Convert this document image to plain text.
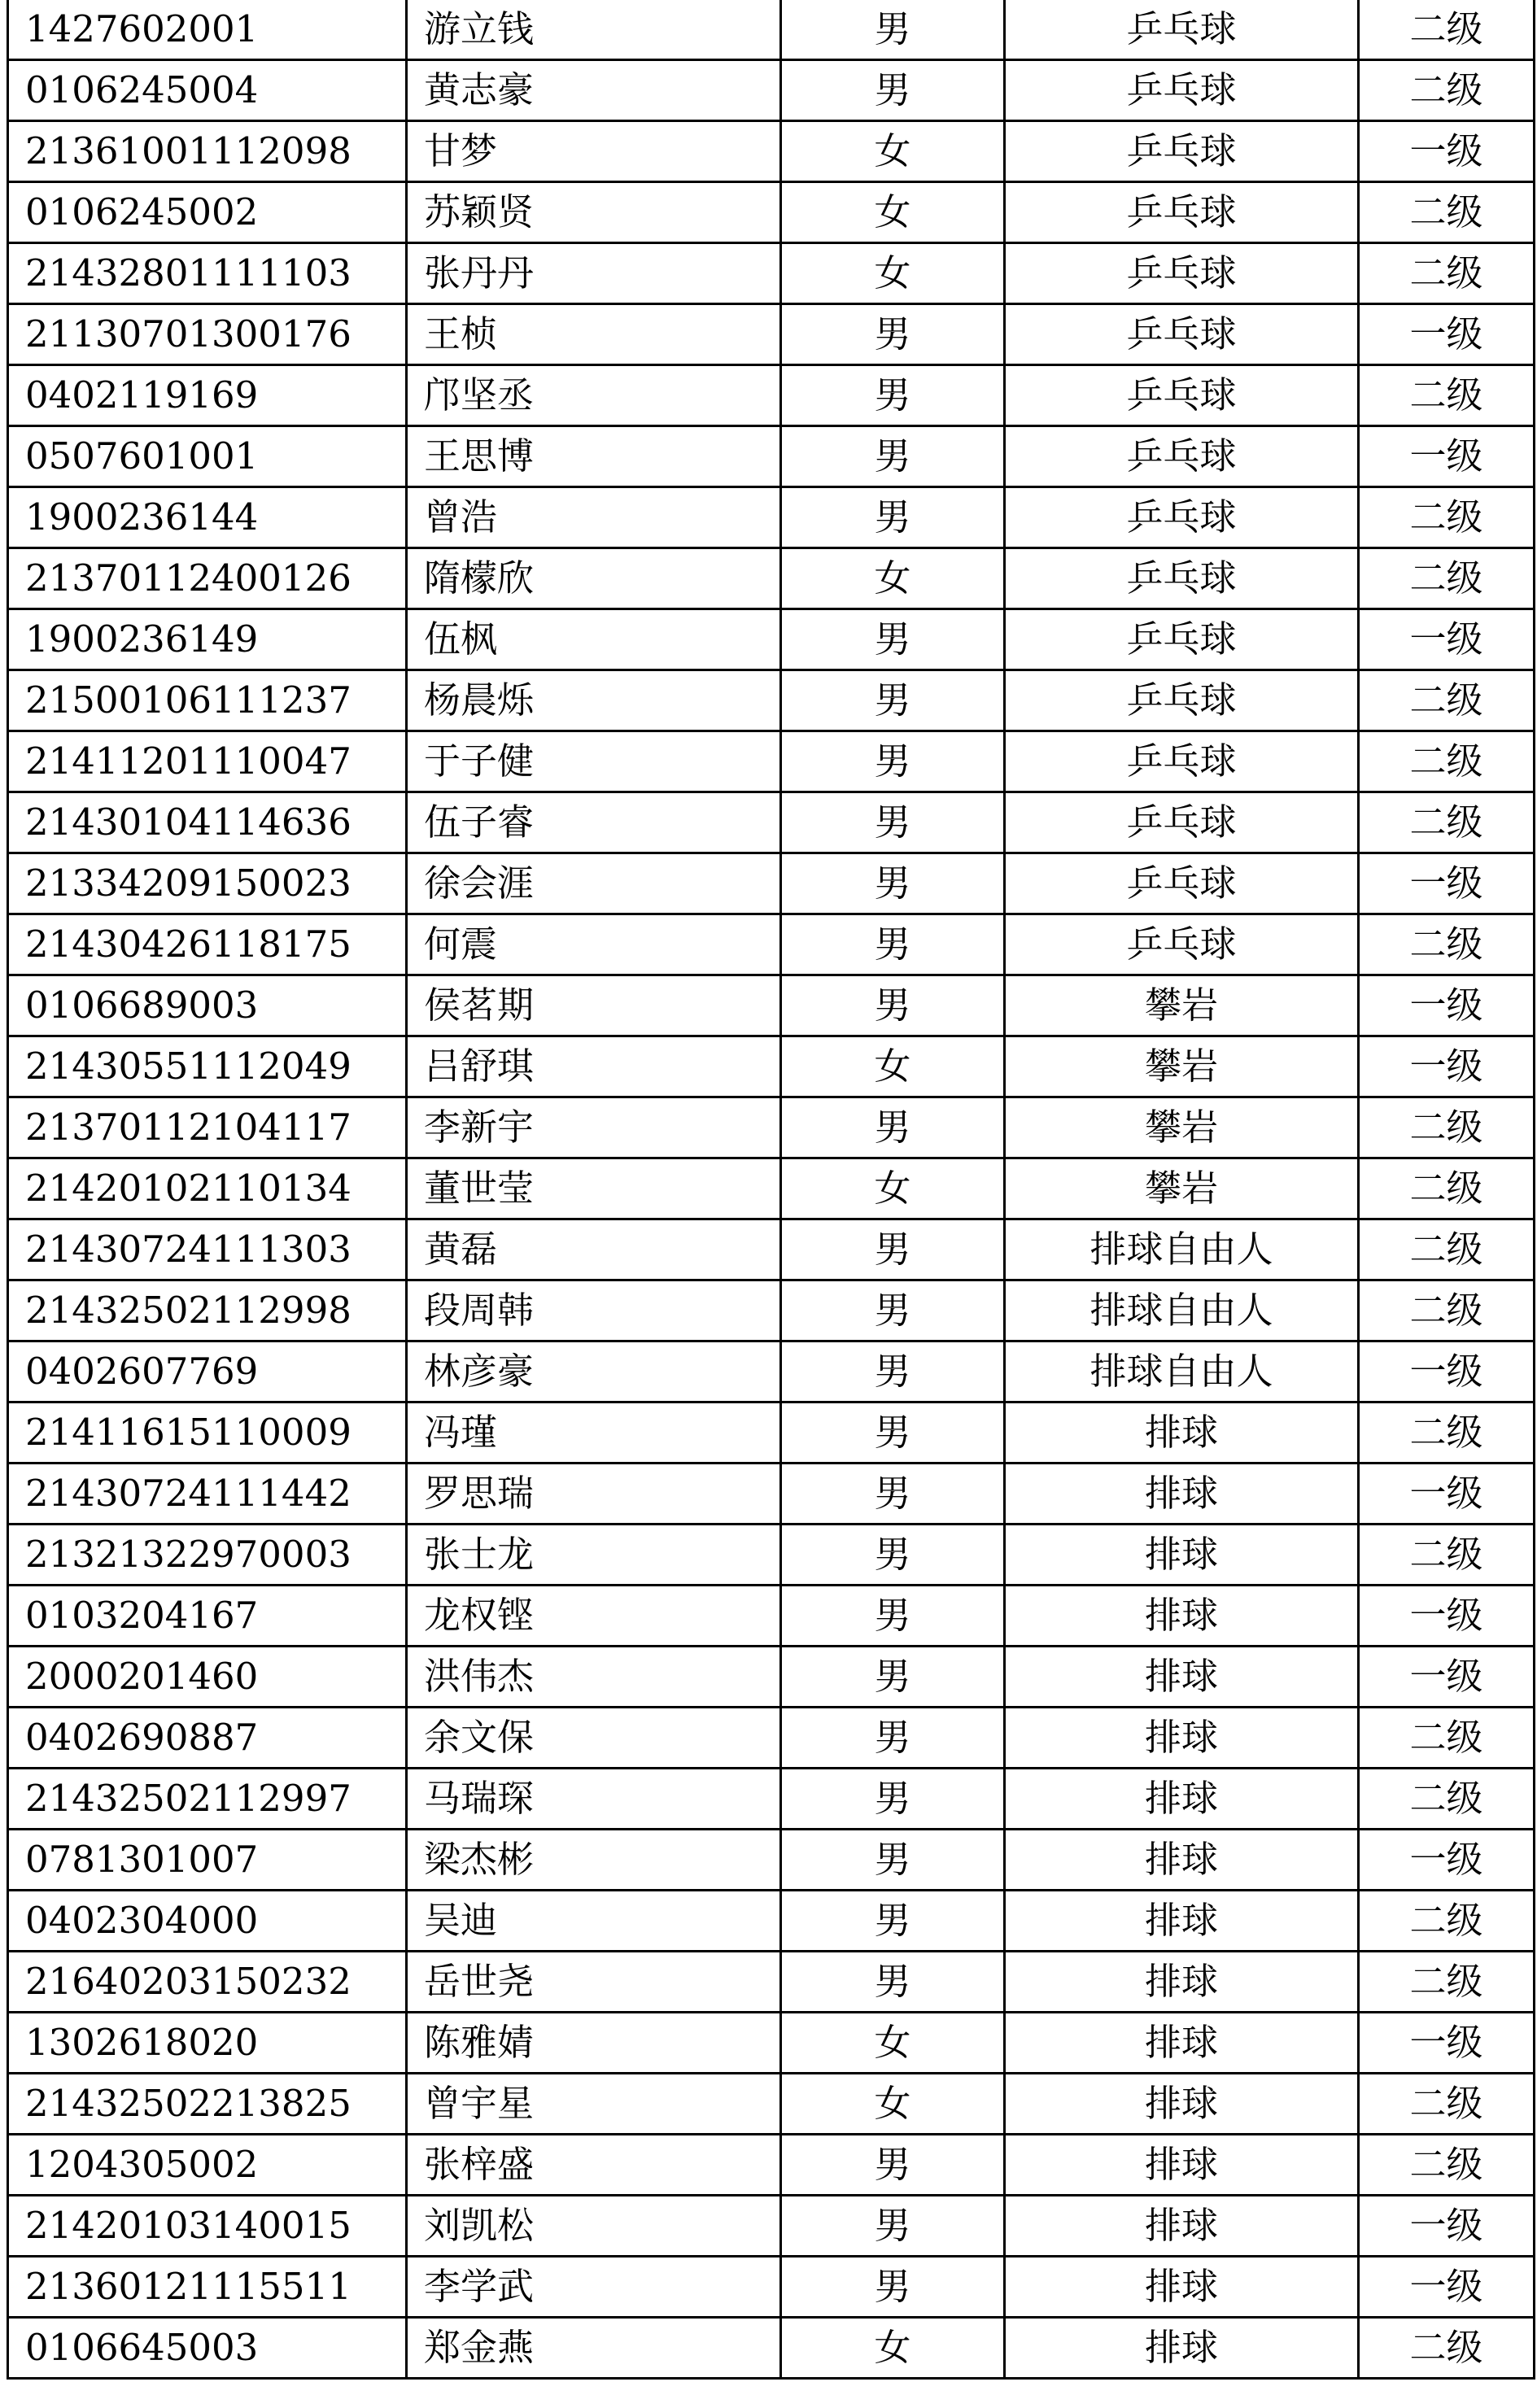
1427602001	游立钱	男	乒乓球	二级
0106245004	黄志豪	男	乒乓球	二级
21361001112098	甘梦	女	乒乓球	一级
0106245002	苏颖贤	女	乒乓球	二级
21432801111103	张丹丹	女	乒乓球	二级
21130701300176	王桢	男	乒乓球	一级
0402119169	邝坚丞	男	乒乓球	二级
0507601001	王思博	男	乒乓球	一级
1900236144	曾浩	男	乒乓球	二级
21370112400126	隋檬欣	女	乒乓球	二级
1900236149	伍枫	男	乒乓球	一级
21500106111237	杨晨烁	男	乒乓球	二级
21411201110047	于子健	男	乒乓球	二级
21430104114636	伍子睿	男	乒乓球	二级
21334209150023	徐会涯	男	乒乓球	一级
21430426118175	何震	男	乒乓球	二级
0106689003	侯茗期	男	攀岩	一级
21430551112049	吕舒琪	女	攀岩	一级
21370112104117	李新宇	男	攀岩	二级
21420102110134	董世莹	女	攀岩	二级
21430724111303	黄磊	男	排球自由人	二级
21432502112998	段周韩	男	排球自由人	二级
0402607769	林彦豪	男	排球自由人	一级
21411615110009	冯瑾	男	排球	二级
21430724111442	罗思瑞	男	排球	一级
21321322970003	张士龙	男	排球	二级
0103204167	龙权铿	男	排球	一级
2000201460	洪伟杰	男	排球	一级
0402690887	余文保	男	排球	二级
21432502112997	马瑞琛	男	排球	二级
0781301007	梁杰彬	男	排球	一级
0402304000	吴迪	男	排球	二级
21640203150232	岳世尧	男	排球	二级
1302618020	陈雅婧	女	排球	一级
21432502213825	曾宇星	女	排球	二级
1204305002	张梓盛	男	排球	二级
21420103140015	刘凯松	男	排球	一级
21360121115511	李学武	男	排球	一级
0106645003	郑金燕	女	排球	二级
